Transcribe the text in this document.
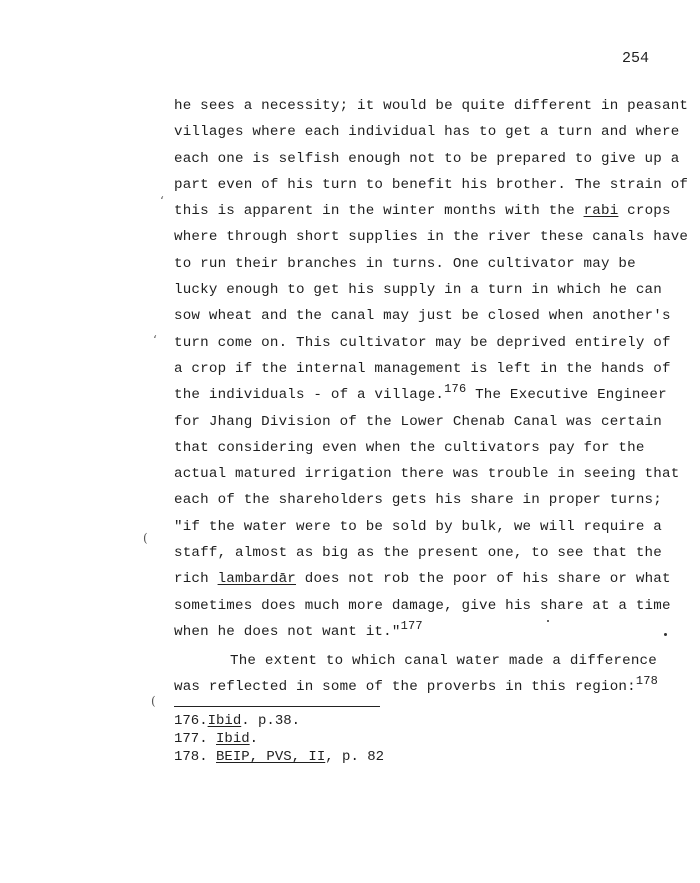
254
he sees a necessity; it would be quite different in peasant
villages where each individual has to get a turn and where
each one is selfish enough not to be prepared to give up a
part even of his turn to benefit his brother. The strain of
this is apparent in the winter months with the rabi crops
where through short supplies in the river these canals have
to run their branches in turns. One cultivator may be
lucky enough to get his supply in a turn in which he can
sow wheat and the canal may just be closed when another's
turn come on. This cultivator may be deprived entirely of
a crop if the internal management is left in the hands of
the individuals - of a village.$^{176}$ The Executive Engineer
for Jhang Division of the Lower Chenab Canal was certain
that considering even when the cultivators pay for the
actual matured irrigation there was trouble in seeing that
each of the shareholders gets his share in proper turns;
"if the water were to be sold by bulk, we will require a
staff, almost as big as the present one, to see that the
rich lambardār does not rob the poor of his share or what
sometimes does much more damage, give his share at a time
when he does not want it."$^{177}$
The extent to which canal water made a difference
was reflected in some of the proverbs in this region:$^{178}$
176.Ibid. p.38.
177. Ibid.
178. BEIP, PVS, II, p. 82
‘
‘
(
(
